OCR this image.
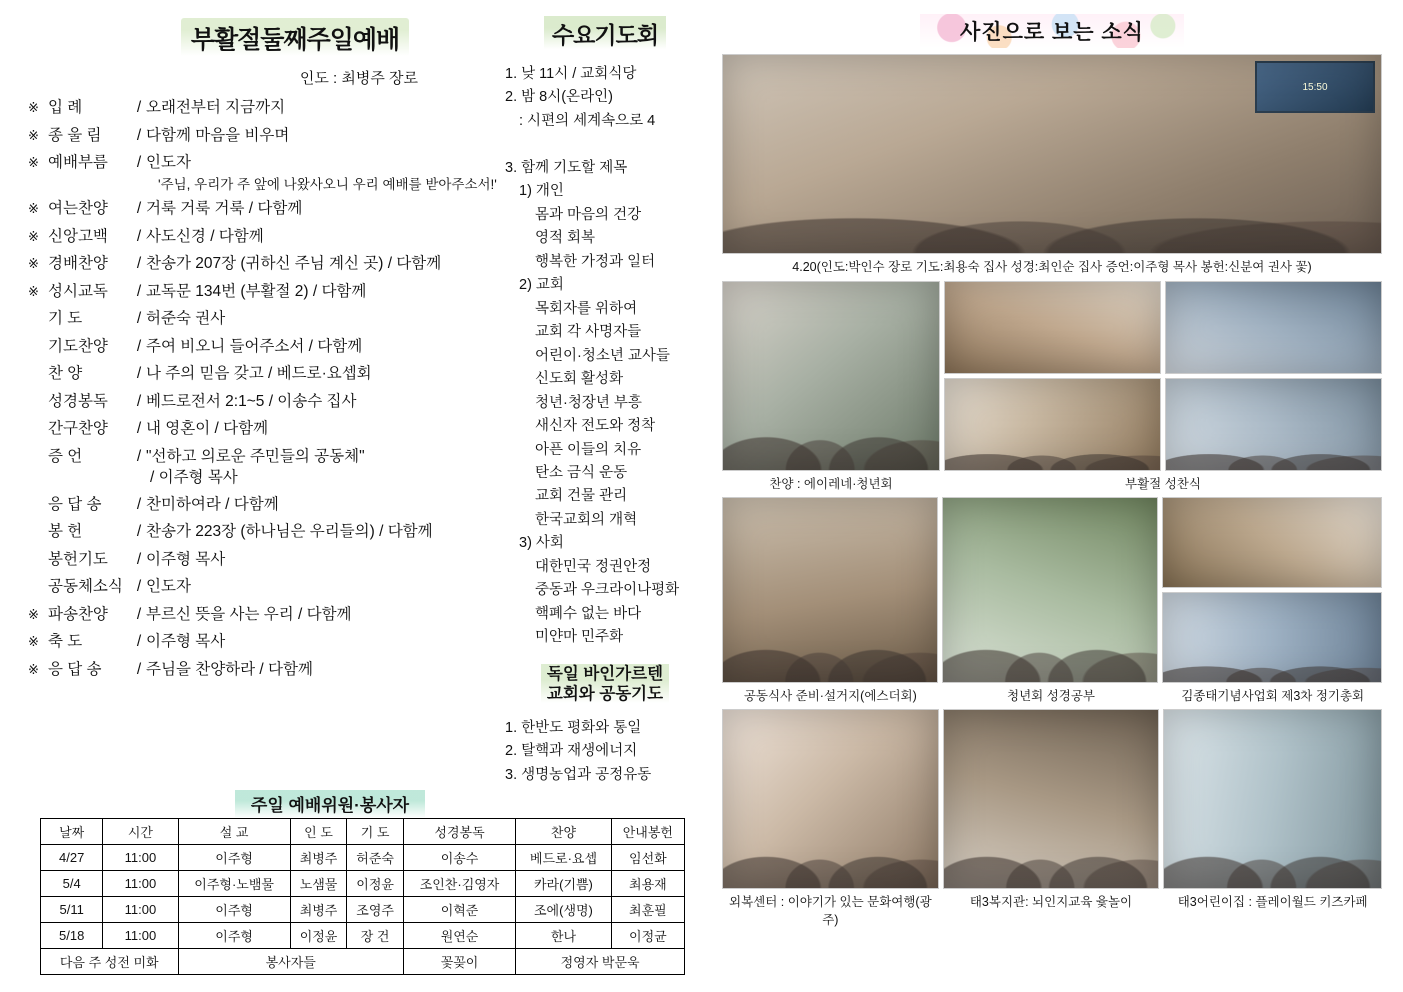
부활절둘째주일예배
인도 : 최병주 장로
※ 입 례	/ 오래전부터 지금까지
※ 종 울 림	/ 다함께 마음을 비우며
※ 예배부름	/ 인도자
'주님, 우리가 주 앞에 나왔사오니 우리 예배를 받아주소서!'
※ 여는찬양	/ 거룩 거룩 거룩 / 다함께
※ 신앙고백	/ 사도신경 / 다함께
※ 경배찬양	/ 찬송가 207장 (귀하신 주님 계신 곳) / 다함께
※ 성시교독	/ 교독문 134번 (부활절 2) / 다함께
기 도	/ 허준숙 권사
기도찬양	/ 주여 비오니 들어주소서 / 다함께
찬 양	/ 나 주의 믿음 갖고 / 베드로·요셉회
성경봉독	/ 베드로전서 2:1~5 / 이송수 집사
간구찬양	/ 내 영혼이 / 다함께
증 언	/ "선하고 의로운 주민들의 공동체"
/ 이주형 목사
응 답 송	/ 찬미하여라 / 다함께
봉 헌	/ 찬송가 223장 (하나님은 우리들의) / 다함께
봉헌기도	/ 이주형 목사
공동체소식 / 인도자
※ 파송찬양	/ 부르신 뜻을 사는 우리 / 다함께
※ 축 도	/ 이주형 목사
※ 응 답 송	/ 주님을 찬양하라 / 다함께
수요기도회
1. 낮 11시 / 교회식당
2. 밤 8시(온라인)
: 시편의 세계속으로 4

3. 함께 기도할 제목
1) 개인
몸과 마음의 건강
영적 회복
행복한 가정과 일터
2) 교회
목회자를 위하여
교회 각 사명자들
어린이·청소년 교사들
신도회 활성화
청년·청장년 부흥
새신자 전도와 정착
아픈 이들의 치유
탄소 금식 운동
교회 건물 관리
한국교회의 개혁
3) 사회
대한민국 정권안정
중동과 우크라이나평화
핵폐수 없는 바다
미얀마 민주화
독일 바인가르텐
교회와 공동기도
1. 한반도 평화와 통일
2. 탈핵과 재생에너지
3. 생명농업과 공정유동
주일 예배위원·봉사자
날짜	시간	설 교	인 도	기 도	성경봉독	찬양	안내봉헌
4/27	11:00	이주형	최병주	허준숙	이송수	베드로·요셉	임선화
5/4	11:00	이주형·노뱀물	노샘물	이정윤	조인찬·김영자	카라(기쁨)	최용재
5/11	11:00	이주형	최병주	조영주	이혁준	조에(생명)	최훈필
5/18	11:00	이주형	이정윤	장 건	원연순	한나	이정균
다음 주 성전 미화		봉사자들			꽃꽂이	정영자 박문욱	
사진으로 보는 소식
15:50
4.20(인도:박인수 장로 기도:최용숙 집사 성경:최인순 집사 증언:이주형 목사 봉헌:신분여 권사 꽃)
찬양 : 에이레네·청년회	부활절 성찬식
공동식사 준비·설거지(에스더회)	청년회 성경공부	김종태기념사업회 제3차 정기총회
외복센터 : 이야기가 있는 문화여행(광주)
태3복지관: 뇌인지교육 윷놀이	태3어린이집 : 플레이월드 키즈카페
